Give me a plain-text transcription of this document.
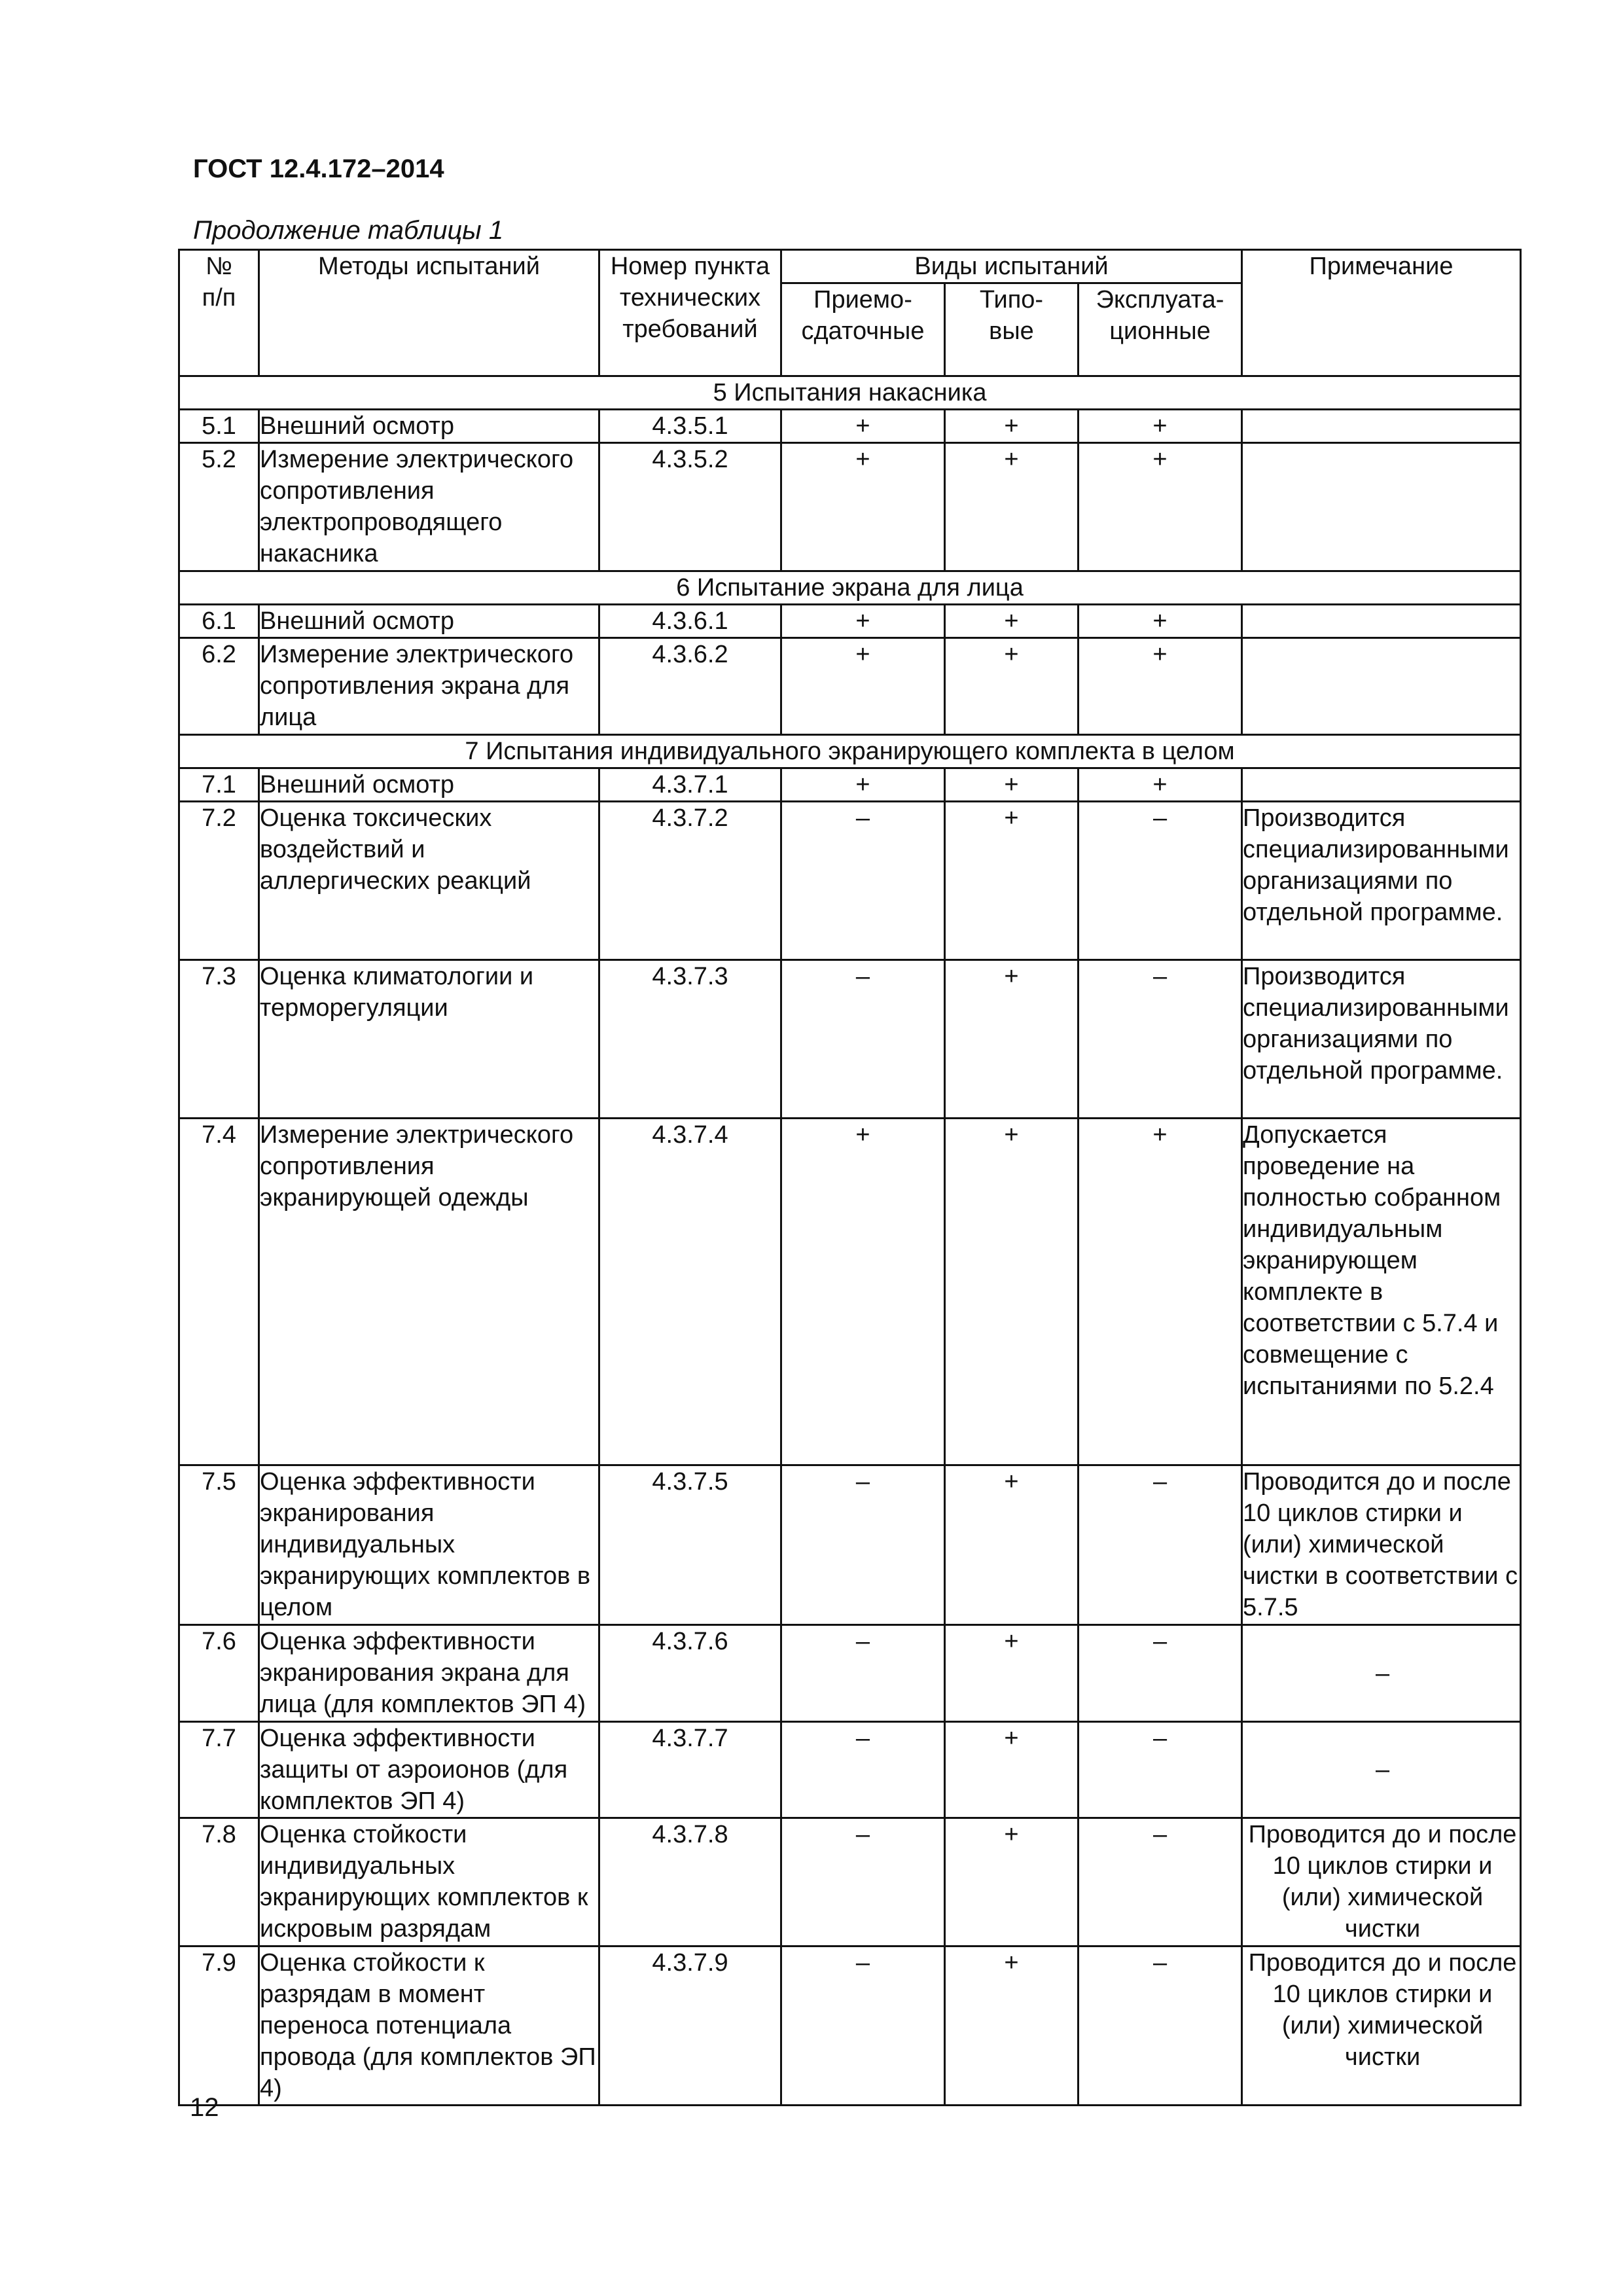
ГОСТ 12.4.172–2014
Продолжение таблицы 1
№ п/п	Методы испытаний	Номер пункта технических требований	Виды испытаний			Примечание
			Приемо-сдаточные	Типо-вые	Эксплуата-ционные	
5 Испытания накасника						
5.1	Внешний осмотр	4.3.5.1	+	+	+	
5.2	Измерение электрического сопротивления электропроводящего накасника	4.3.5.2	+	+	+	
6 Испытание экрана для лица						
6.1	Внешний осмотр	4.3.6.1	+	+	+	
6.2	Измерение электрического сопротивления экрана для лица	4.3.6.2	+	+	+	
7 Испытания индивидуального экранирующего комплекта в целом						
7.1	Внешний осмотр	4.3.7.1	+	+	+	
7.2	Оценка токсических воздействий и аллергических реакций	4.3.7.2	–	+	–	Производится специализированными организациями по отдельной программе.
7.3	Оценка климатологии и терморегуляции	4.3.7.3	–	+	–	Производится специализированными организациями по отдельной программе.
7.4	Измерение электрического сопротивления экранирующей одежды	4.3.7.4	+	+	+	Допускается проведение на полностью собранном индивидуальным экранирующем комплекте в соответствии с 5.7.4 и совмещение с испытаниями по 5.2.4
7.5	Оценка эффективности экранирования индивидуальных экранирующих комплектов в целом	4.3.7.5	–	+	–	Проводится до и после 10 циклов стирки и (или) химической чистки в соответствии с 5.7.5
7.6	Оценка эффективности экранирования экрана для лица (для комплектов ЭП 4)	4.3.7.6	–	+	–	–
7.7	Оценка эффективности защиты от аэроионов (для комплектов ЭП 4)	4.3.7.7	–	+	–	–
7.8	Оценка стойкости индивидуальных экранирующих комплектов к искровым разрядам	4.3.7.8	–	+	–	Проводится до и после 10 циклов стирки и (или) химической чистки
7.9	Оценка стойкости к разрядам в момент переноса потенциала провода (для комплектов ЭП 4)	4.3.7.9	–	+	–	Проводится до и после 10 циклов стирки и (или) химической чистки
12
